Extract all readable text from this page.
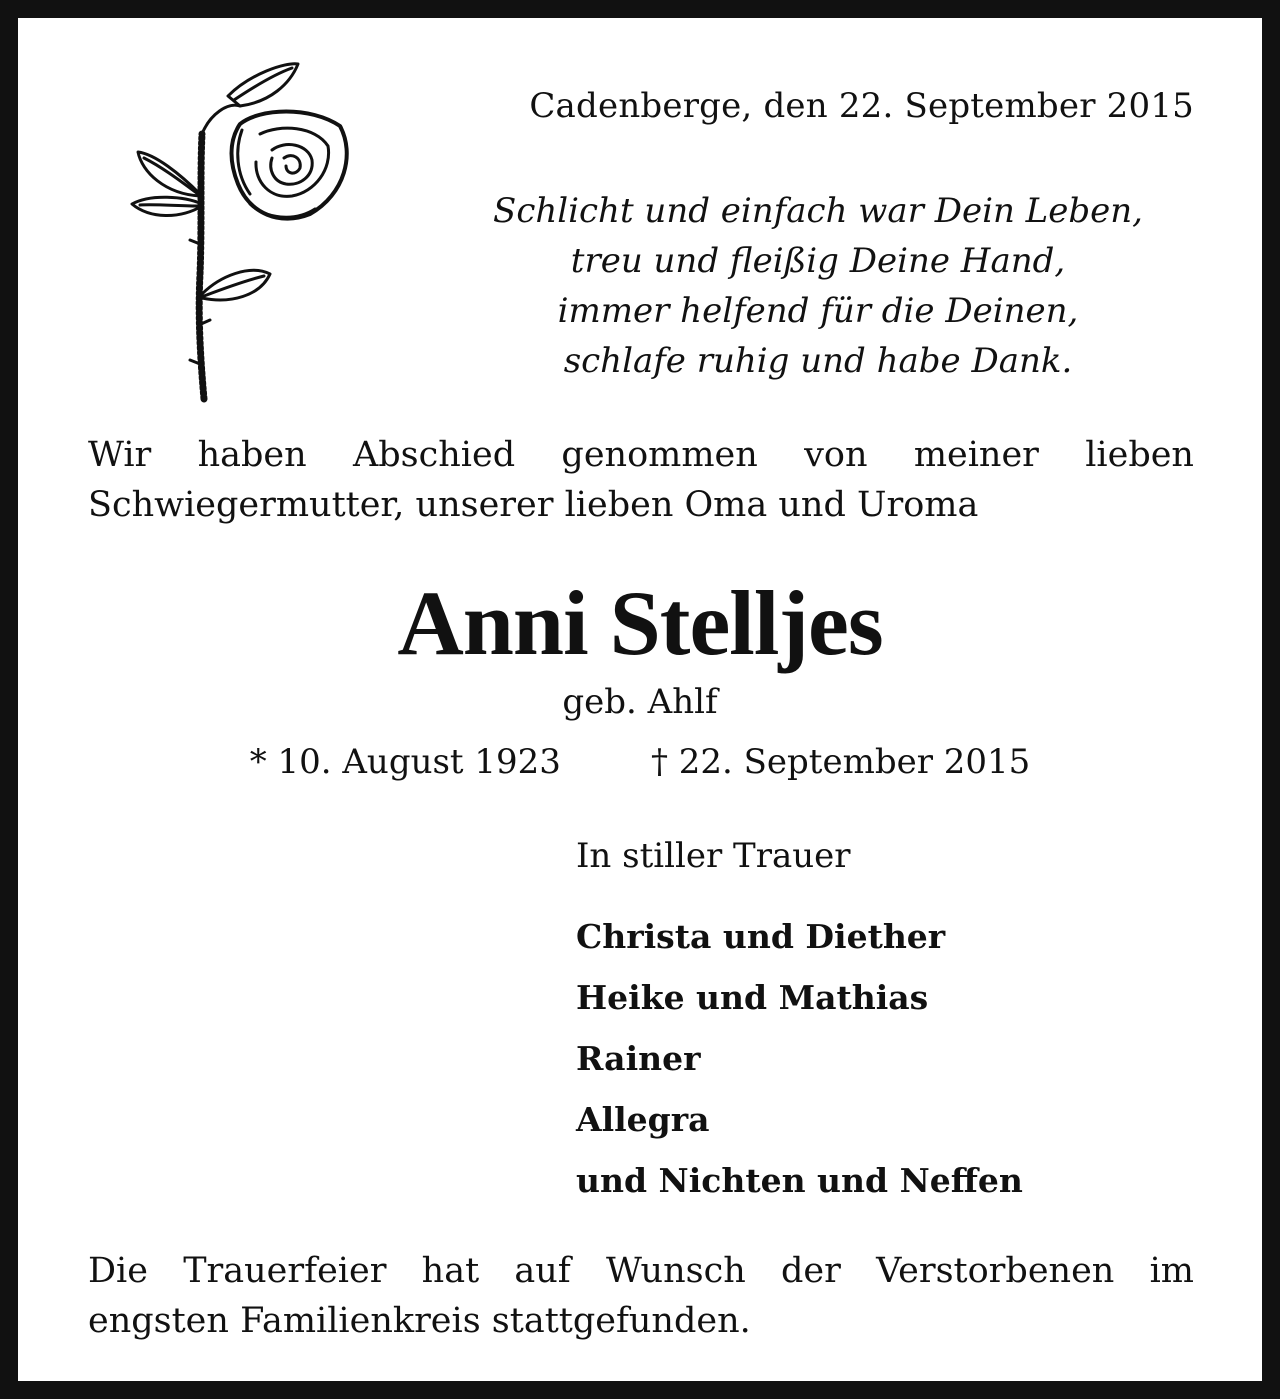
Cadenberge, den 22. September 2015
Schlicht und einfach war Dein Leben,
treu und fleißig Deine Hand,
immer helfend für die Deinen,
schlafe ruhig und habe Dank.
Wir haben Abschied genommen von meiner lieben
Schwiegermutter, unserer lieben Oma und Uroma
Anni Stelljes
geb. Ahlf
* 10. August 1923	† 22. September 2015
In stiller Trauer
Christa und Diether
Heike und Mathias
Rainer
Allegra
und Nichten und Neffen
Die Trauerfeier hat auf Wunsch der Verstorbenen im
engsten Familienkreis stattgefunden.
